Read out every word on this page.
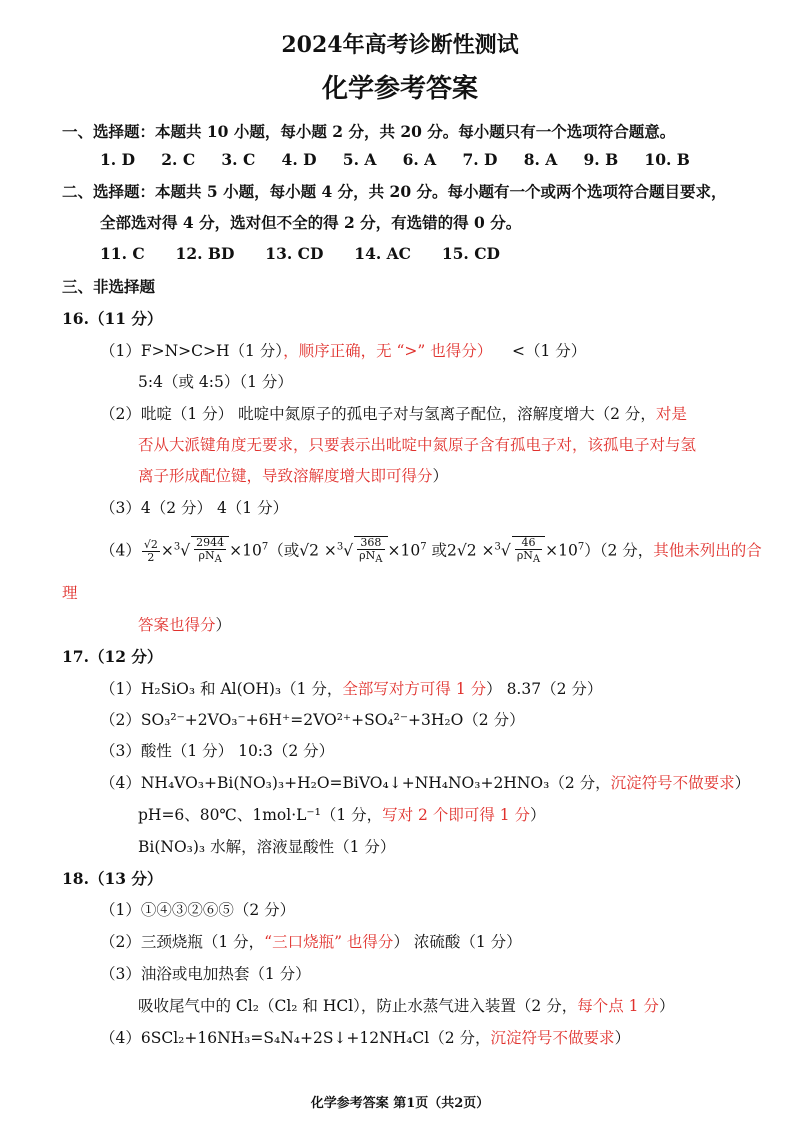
2024年高考诊断性测试
化学参考答案
一、选择题：本题共 10 小题，每小题 2 分，共 20 分。每小题只有一个选项符合题意。
1. D 2. C 3. C 4. D 5. A 6. A 7. D 8. A 9. B 10. B
二、选择题：本题共 5 小题，每小题 4 分，共 20 分。每小题有一个或两个选项符合题目要求，
全部选对得 4 分，选对但不全的得 2 分，有选错的得 0 分。
11. C 12. BD 13. CD 14. AC 15. CD
三、非选择题
16.（11 分）
（1）F>N>C>H（1 分），顺序正确，无 “>” 也得分） <（1 分）
5:4（或 4:5）（1 分）
（2）吡啶（1 分） 吡啶中氮原子的孤电子对与氢离子配位，溶解度增大（2 分，对是
否从大派键角度无要求，只要表示出吡啶中氮原子含有孤电子对，该孤电子对与氢
离子形成配位键，导致溶解度增大即可得分）
（3）4（2 分） 4（1 分）
$(4) \frac{√2}{2} \times^3√ \frac{2944}{\text{ρNA}} \times 10^7$（或$√2 \times^3√ \frac{368}{\text{ρNA}} \times 10^7$ 或$2√2 \times^3√ \frac{46}{\text{ρNA}} \times 10^7)(2$ 分，其他未列出的合
理
答案也得分）
17.（12 分）
（1）H₂SiO₃ 和 Al(OH)₃（1 分，全部写对方可得 1 分） 8.37（2 分）
（2）SO₃²⁻+2VO₃⁻+6H⁺=2VO²⁺+SO₄²⁻+3H₂O（2 分）
（3）酸性（1 分） 10:3（2 分）
（4）NH₄VO₃+Bi(NO₃)₃+H₂O=BiVO₄↓+NH₄NO₃+2HNO₃（2 分，沉淀符号不做要求）
pH=6、80℃、1mol·L⁻¹（1 分，写对 2 个即可得 1 分）
Bi(NO₃)₃ 水解，溶液显酸性（1 分）
18.（13 分）
（1）①④③②⑥⑤（2 分）
（2）三颈烧瓶（1 分，“三口烧瓶” 也得分） 浓硫酸（1 分）
（3）油浴或电加热套（1 分）
吸收尾气中的 Cl₂（Cl₂ 和 HCl），防止水蒸气进入装置（2 分，每个点 1 分）
（4）6SCl₂+16NH₃=S₄N₄+2S↓+12NH₄Cl（2 分，沉淀符号不做要求）
化学参考答案 第1页（共2页）
